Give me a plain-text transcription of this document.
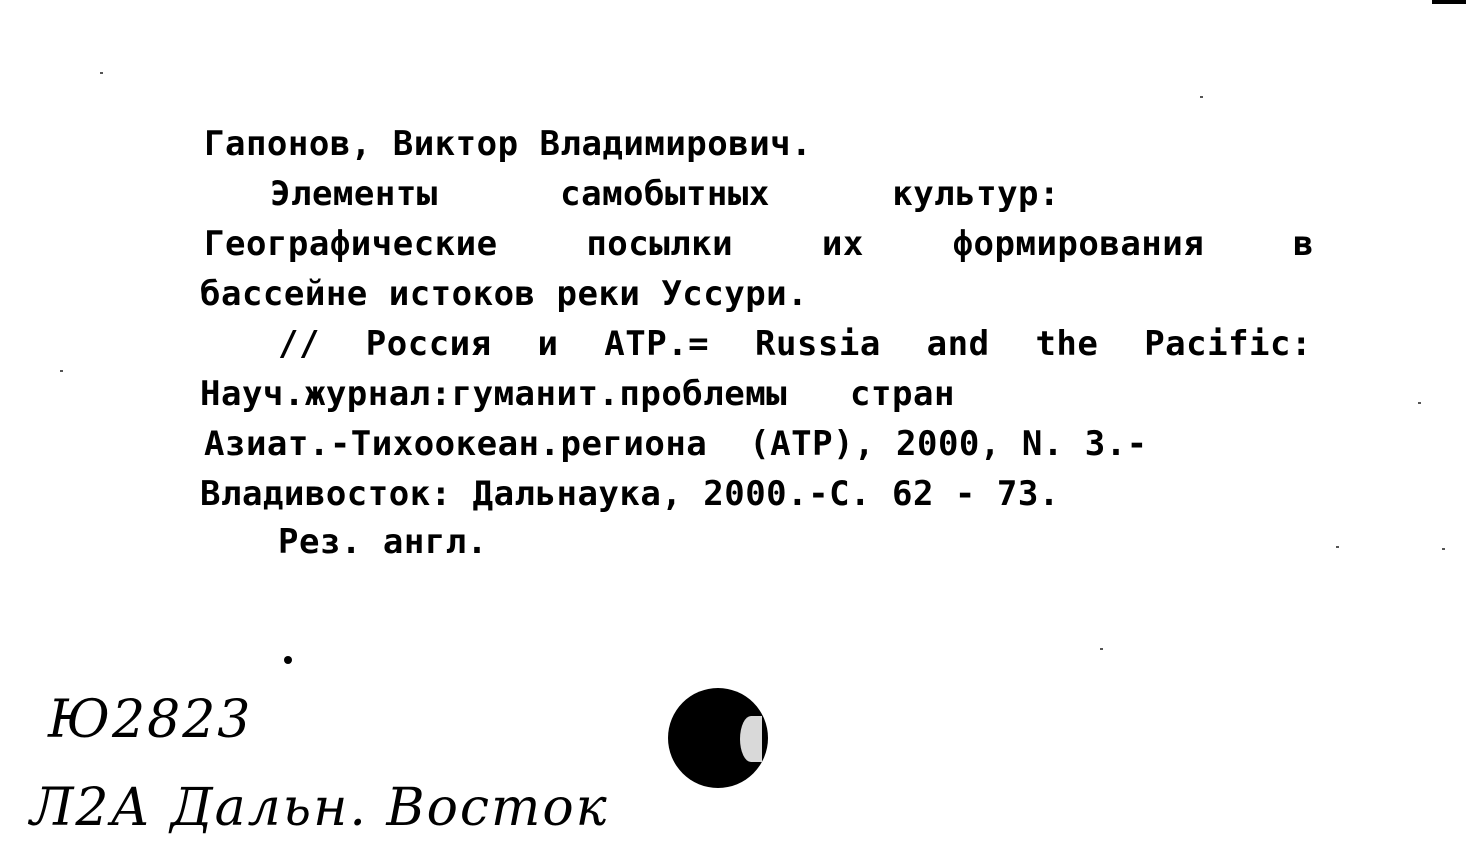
Гапонов, Виктор Владимирович.
Элементы	самобытных	культур:
Географические	посылки	их	формирования	в
бассейне истоков реки Уссури.
// Россия и АТР.= Russia and the Pacific:
Науч.журнал:гуманит.проблемы   стран
Азиат.-Тихоокеан.региона  (АТР), 2000, N. 3.-
Владивосток: Дальнаука, 2000.-С. 62 - 73.
Рез. англ.
Ю2823
Л2А Дальн. Восток
